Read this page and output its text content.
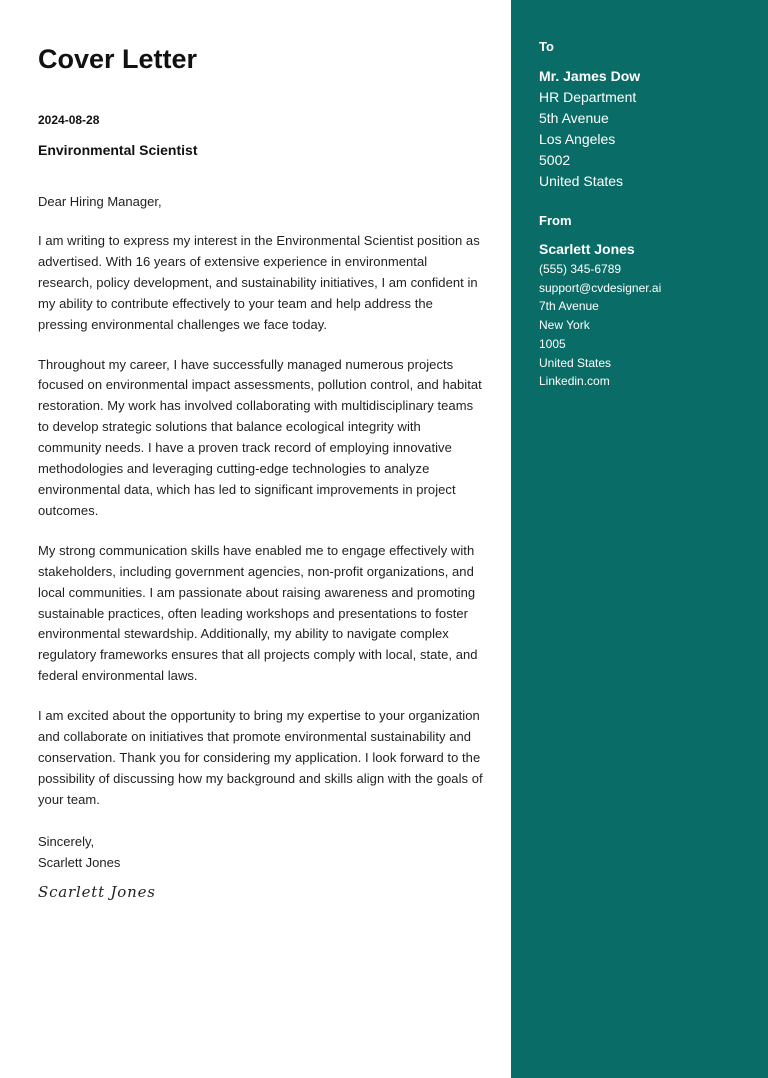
Cover Letter
2024-08-28
Environmental Scientist
Dear Hiring Manager,
I am writing to express my interest in the Environmental Scientist position as advertised. With 16 years of extensive experience in environmental research, policy development, and sustainability initiatives, I am confident in my ability to contribute effectively to your team and help address the pressing environmental challenges we face today.
Throughout my career, I have successfully managed numerous projects focused on environmental impact assessments, pollution control, and habitat restoration. My work has involved collaborating with multidisciplinary teams to develop strategic solutions that balance ecological integrity with community needs. I have a proven track record of employing innovative methodologies and leveraging cutting-edge technologies to analyze environmental data, which has led to significant improvements in project outcomes.
My strong communication skills have enabled me to engage effectively with stakeholders, including government agencies, non-profit organizations, and local communities. I am passionate about raising awareness and promoting sustainable practices, often leading workshops and presentations to foster environmental stewardship. Additionally, my ability to navigate complex regulatory frameworks ensures that all projects comply with local, state, and federal environmental laws.
I am excited about the opportunity to bring my expertise to your organization and collaborate on initiatives that promote environmental sustainability and conservation. Thank you for considering my application. I look forward to the possibility of discussing how my background and skills align with the goals of your team.
Sincerely,
Scarlett Jones
Scarlett Jones
To
Mr. James Dow
HR Department
5th Avenue
Los Angeles
5002
United States
From
Scarlett Jones
(555) 345-6789
support@cvdesigner.ai
7th Avenue
New York
1005
United States
Linkedin.com
